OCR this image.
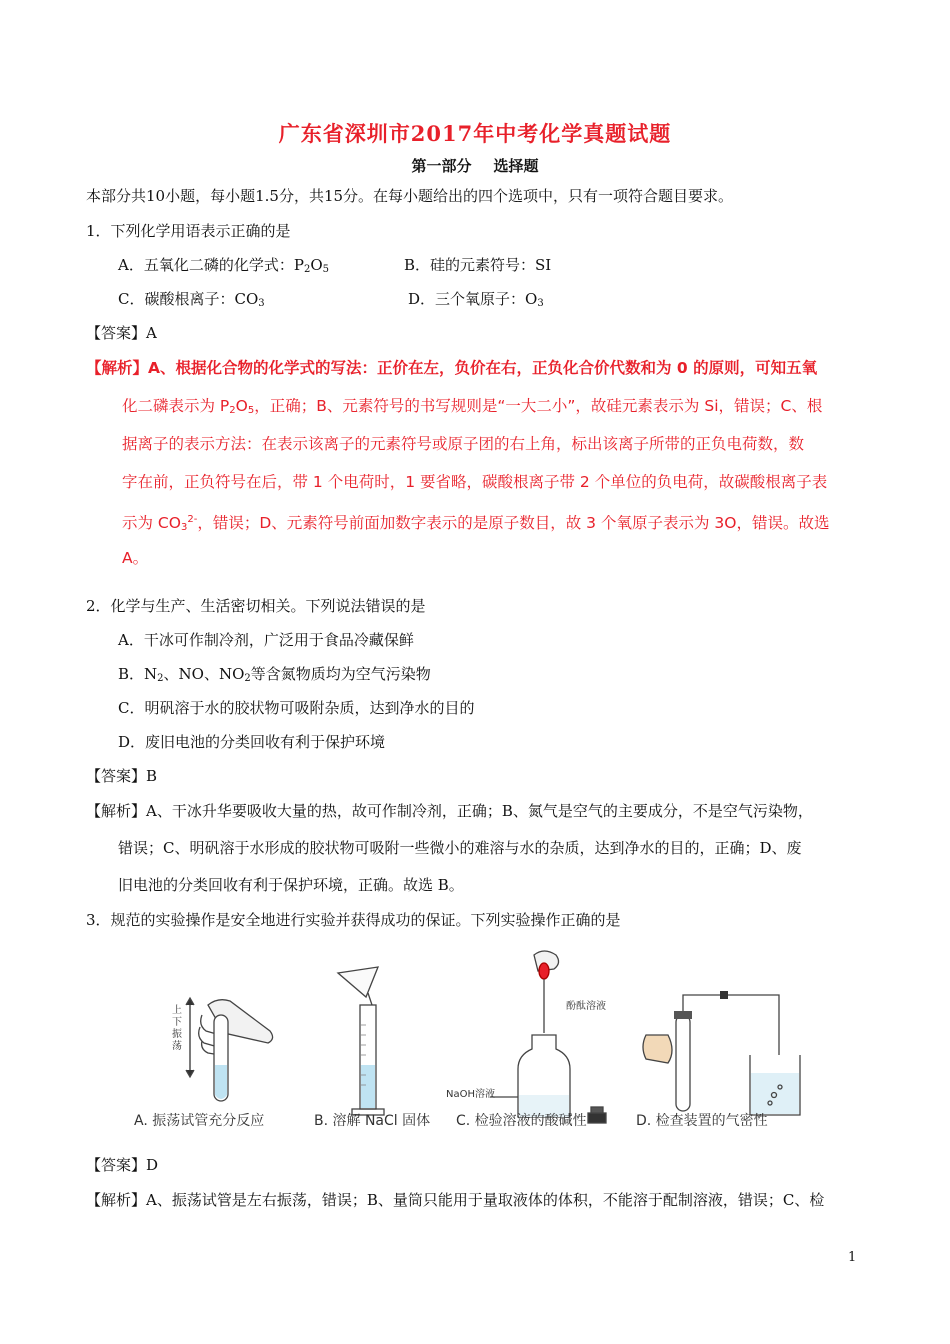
广东省深圳市2017年中考化学真题试题
第一部分 选择题
本部分共10小题，每小题1.5分，共15分。在每小题给出的四个选项中，只有一项符合题目要求。
1．下列化学用语表示正确的是
A．五氧化二磷的化学式：$P_2O_5$	B．硅的元素符号：SI
C．碳酸根离子：$CO_3$	D．三个氧原子：$O_3$
【答案】A
【解析】A、根据化合物的化学式的写法：正价在左，负价在右，正负化合价代数和为 0 的原则，可知五氧
化二磷表示为 $P_2O_5$，正确；B、元素符号的书写规则是“一大二小”，故硅元素表示为 Si，错误；C、根
据离子的表示方法：在表示该离子的元素符号或原子团的右上角，标出该离子所带的正负电荷数，数
字在前，正负符号在后，带 1 个电荷时，1 要省略，碳酸根离子带 2 个单位的负电荷，故碳酸根离子表
示为 $CO_3^{2-}$，错误；D、元素符号前面加数字表示的是原子数目，故 3 个氧原子表示为 3O，错误。故选
A。
2．化学与生产、生活密切相关。下列说法错误的是
A．干冰可作制冷剂，广泛用于食品冷藏保鲜
B．$N_2$、NO、$NO_2$等含氮物质均为空气污染物
C．明矾溶于水的胶状物可吸附杂质，达到净水的目的
D．废旧电池的分类回收有利于保护环境
【答案】B
【解析】A、干冰升华要吸收大量的热，故可作制冷剂，正确；B、氮气是空气的主要成分，不是空气污染物，
错误；C、明矾溶于水形成的胶状物可吸附一些微小的难溶与水的杂质，达到净水的目的，正确；D、废
旧电池的分类回收有利于保护环境，正确。故选 B。
3．规范的实验操作是安全地进行实验并获得成功的保证。下列实验操作正确的是
上下振荡
酚酞溶液
NaOH溶液
A. 振荡试管充分反应	B. 溶解 NaCl 固体 C. 检验溶液的酸碱性	D. 检查装置的气密性
【答案】D
【解析】A、振荡试管是左右振荡，错误；B、量筒只能用于量取液体的体积，不能溶于配制溶液，错误；C、检
1
